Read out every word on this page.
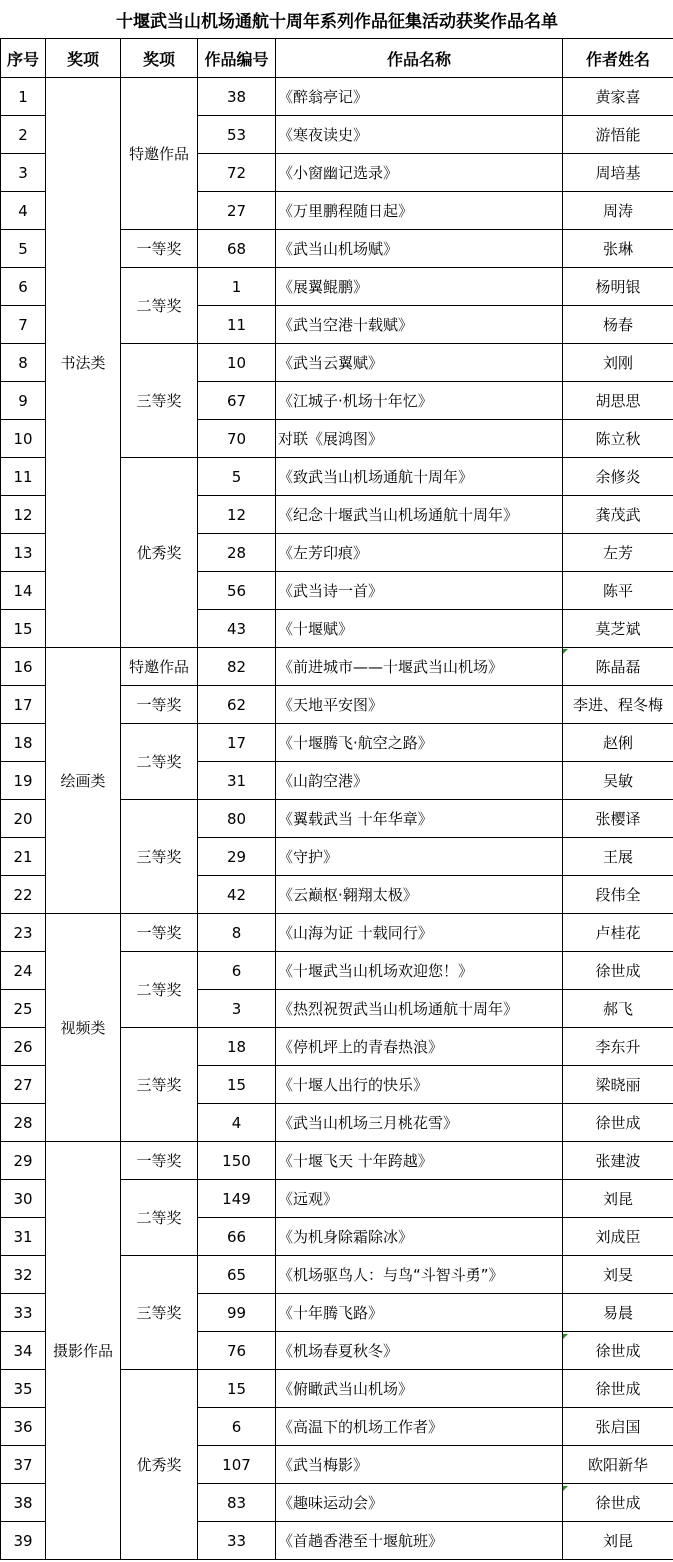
十堰武当山机场通航十周年系列作品征集活动获奖作品名单					
序号	奖项	奖项	作品编号	作品名称	作者姓名
1	书法类	特邀作品	38	《醉翁亭记》	黄家喜
2			53	《寒夜读史》	游悟能
3			72	《小窗幽记选录》	周培基
4			27	《万里鹏程随日起》	周涛
5		一等奖	68	《武当山机场赋》	张琳
6		二等奖	1	《展翼鲲鹏》	杨明银
7			11	《武当空港十载赋》	杨春
8		三等奖	10	《武当云翼赋》	刘刚
9			67	《江城子·机场十年忆》	胡思思
10			70	对联《展鸿图》	陈立秋
11		优秀奖	5	《致武当山机场通航十周年》	余修炎
12			12	《纪念十堰武当山机场通航十周年》	龚茂武
13			28	《左芳印痕》	左芳
14			56	《武当诗一首》	陈平
15			43	《十堰赋》	莫芝斌
16	绘画类	特邀作品	82	《前进城市——十堰武当山机场》	陈晶磊
17		一等奖	62	《天地平安图》	李进、程冬梅
18		二等奖	17	《十堰腾飞·航空之路》	赵俐
19			31	《山韵空港》	吴敏
20		三等奖	80	《翼载武当 十年华章》	张樱译
21			29	《守护》	王展
22			42	《云巅枢·翱翔太极》	段伟全
23	视频类	一等奖	8	《山海为证 十载同行》	卢桂花
24		二等奖	6	《十堰武当山机场欢迎您！》	徐世成
25			3	《热烈祝贺武当山机场通航十周年》	郝飞
26		三等奖	18	《停机坪上的青春热浪》	李东升
27			15	《十堰人出行的快乐》	梁晓丽
28			4	《武当山机场三月桃花雪》	徐世成
29	摄影作品	一等奖	150	《十堰飞天 十年跨越》	张建波
30		二等奖	149	《远观》	刘昆
31			66	《为机身除霜除冰》	刘成臣
32		三等奖	65	《机场驱鸟人：与鸟“斗智斗勇”》	刘旻
33			99	《十年腾飞路》	易晨
34			76	《机场春夏秋冬》	徐世成
35		优秀奖	15	《俯瞰武当山机场》	徐世成
36			6	《高温下的机场工作者》	张启国
37			107	《武当梅影》	欧阳新华
38			83	《趣味运动会》	徐世成
39			33	《首趟香港至十堰航班》	刘昆
